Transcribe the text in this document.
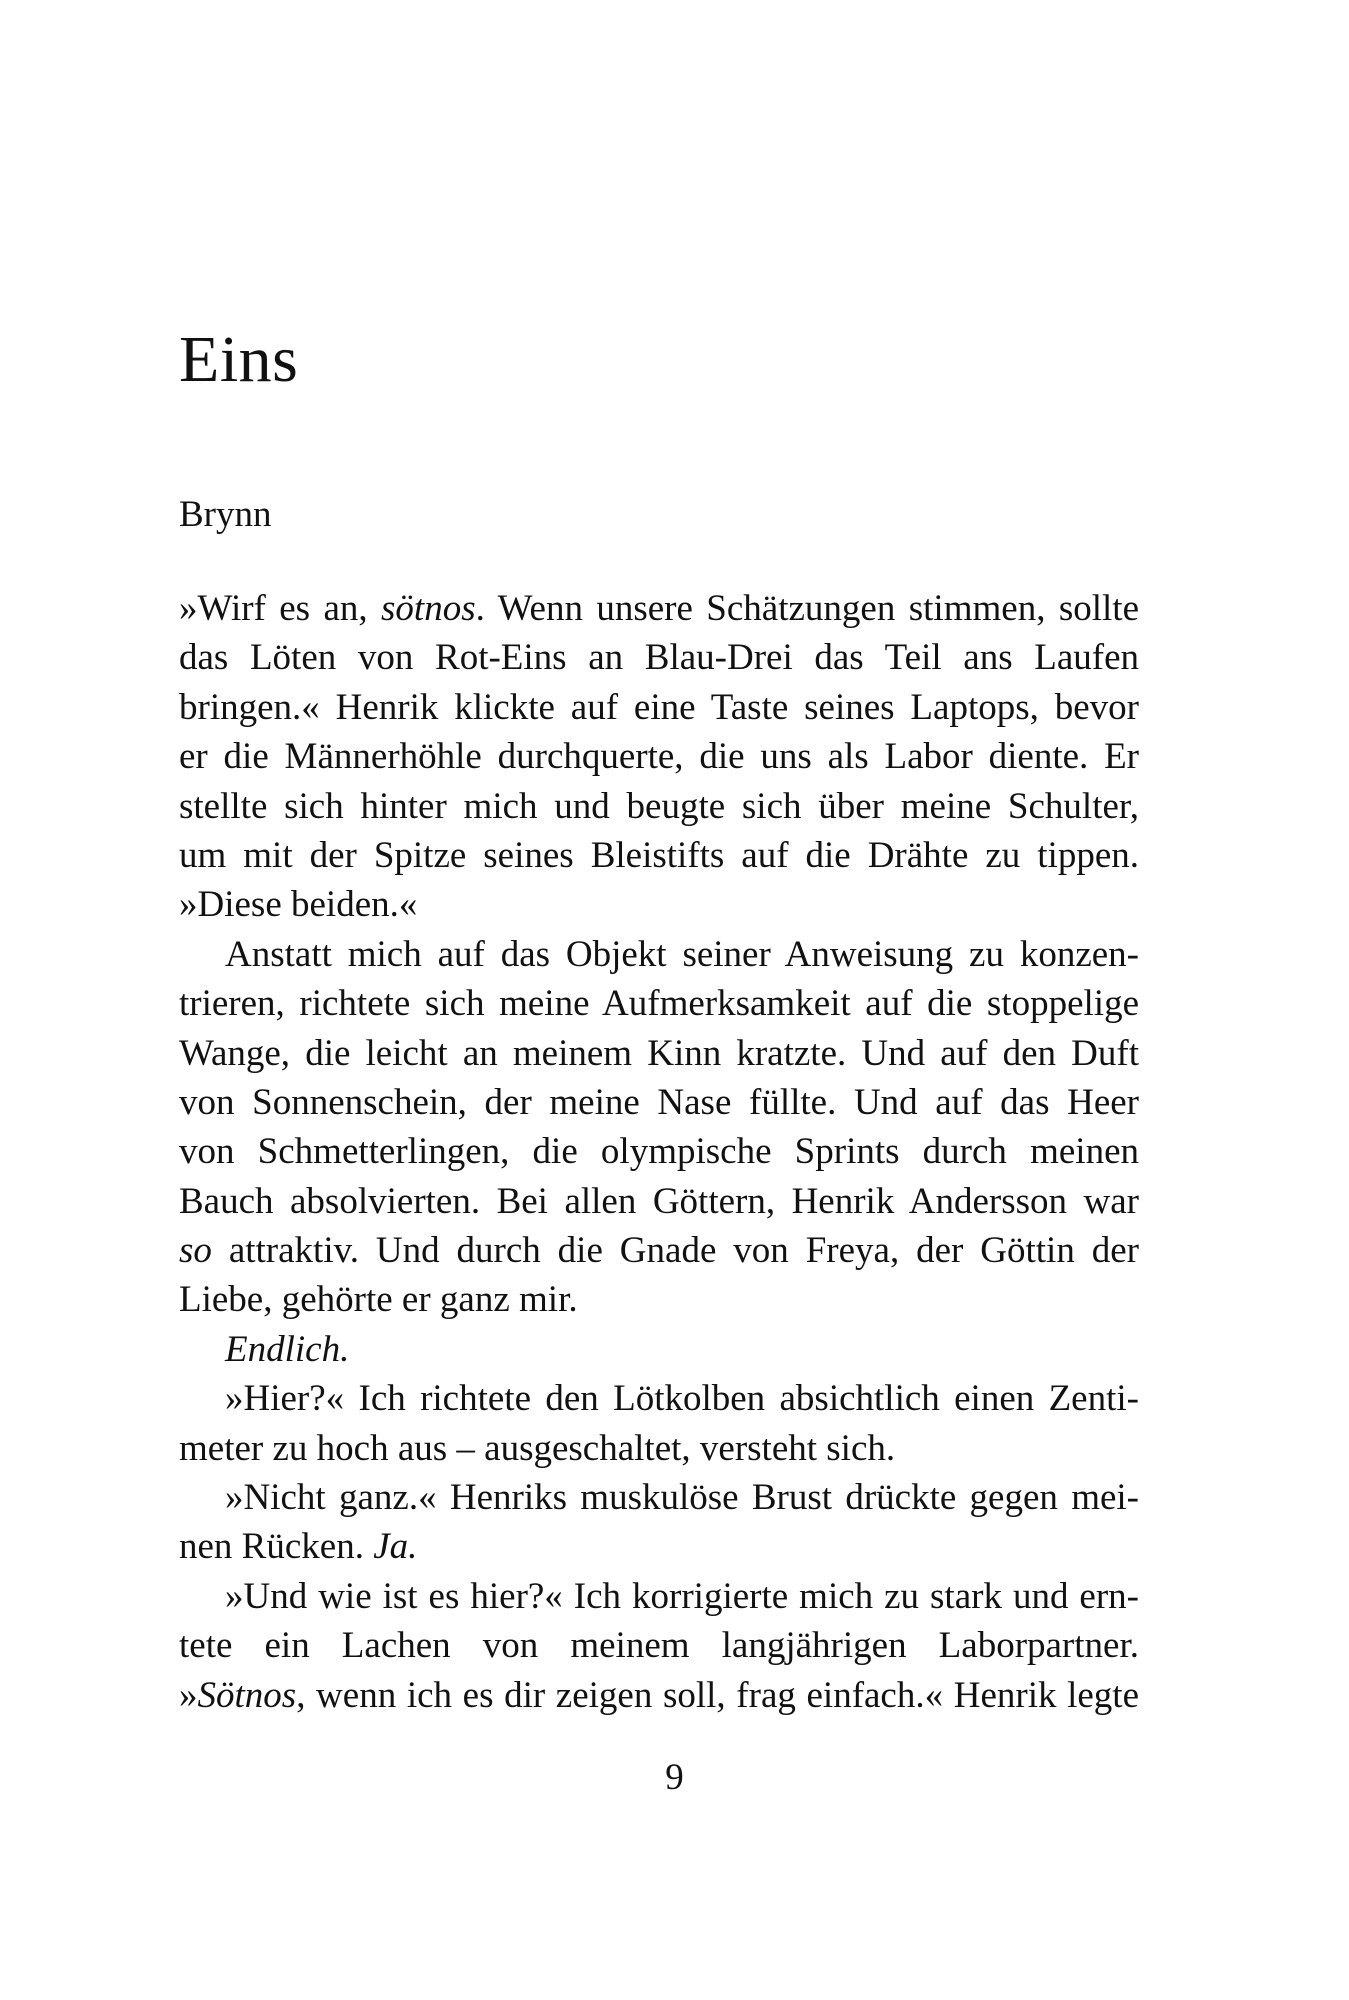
Eins

Brynn

»Wirf es an, sötnos. Wenn unsere Schätzungen stimmen, sollte
das Löten von Rot-Eins an Blau-Drei das Teil ans Laufen
bringen.« Henrik klickte auf eine Taste seines Laptops, bevor
er die Männerhöhle durchquerte, die uns als Labor diente. Er
stellte sich hinter mich und beugte sich über meine Schulter,
um mit der Spitze seines Bleistifts auf die Drähte zu tippen.
»Diese beiden.«
Anstatt mich auf das Objekt seiner Anweisung zu konzen-
trieren, richtete sich meine Aufmerksamkeit auf die stoppelige
Wange, die leicht an meinem Kinn kratzte. Und auf den Duft
von Sonnenschein, der meine Nase füllte. Und auf das Heer
von Schmetterlingen, die olympische Sprints durch meinen
Bauch absolvierten. Bei allen Göttern, Henrik Andersson war
so attraktiv. Und durch die Gnade von Freya, der Göttin der
Liebe, gehörte er ganz mir.
Endlich.
»Hier?« Ich richtete den Lötkolben absichtlich einen Zenti-
meter zu hoch aus – ausgeschaltet, versteht sich.
»Nicht ganz.« Henriks muskulöse Brust drückte gegen mei-
nen Rücken. Ja.
»Und wie ist es hier?« Ich korrigierte mich zu stark und ern-
tete ein Lachen von meinem langjährigen Laborpartner.
»Sötnos, wenn ich es dir zeigen soll, frag einfach.« Henrik legte
9
